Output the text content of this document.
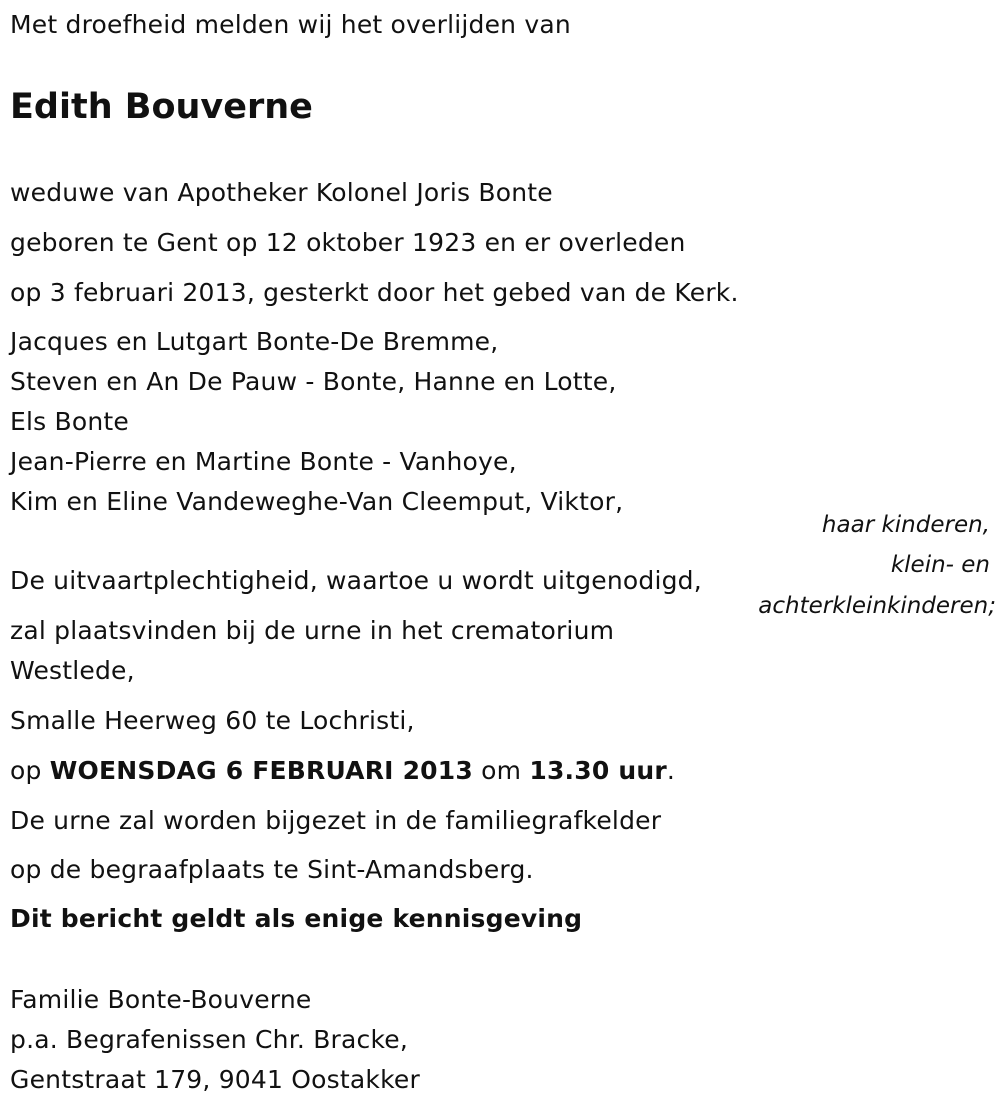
Met droefheid melden wij het overlijden van
Edith Bouverne
weduwe van Apotheker Kolonel Joris Bonte
geboren te Gent op 12 oktober 1923 en er overleden
op 3 februari 2013, gesterkt door het gebed van de Kerk.
Jacques en Lutgart Bonte-De Bremme,
Steven en An De Pauw - Bonte, Hanne en Lotte,
Els Bonte
Jean-Pierre en Martine Bonte - Vanhoye,
Kim en Eline Vandeweghe-Van Cleemput, Viktor,
haar kinderen,
klein- en
achterkleinkinderen;
De uitvaartplechtigheid, waartoe u wordt uitgenodigd,
zal plaatsvinden bij de urne in het crematorium
Westlede,
Smalle Heerweg 60 te Lochristi,
op WOENSDAG 6 FEBRUARI 2013 om 13.30 uur.
De urne zal worden bijgezet in de familiegrafkelder
op de begraafplaats te Sint-Amandsberg.
Dit bericht geldt als enige kennisgeving
Familie Bonte-Bouverne
p.a. Begrafenissen Chr. Bracke,
Gentstraat 179, 9041 Oostakker
